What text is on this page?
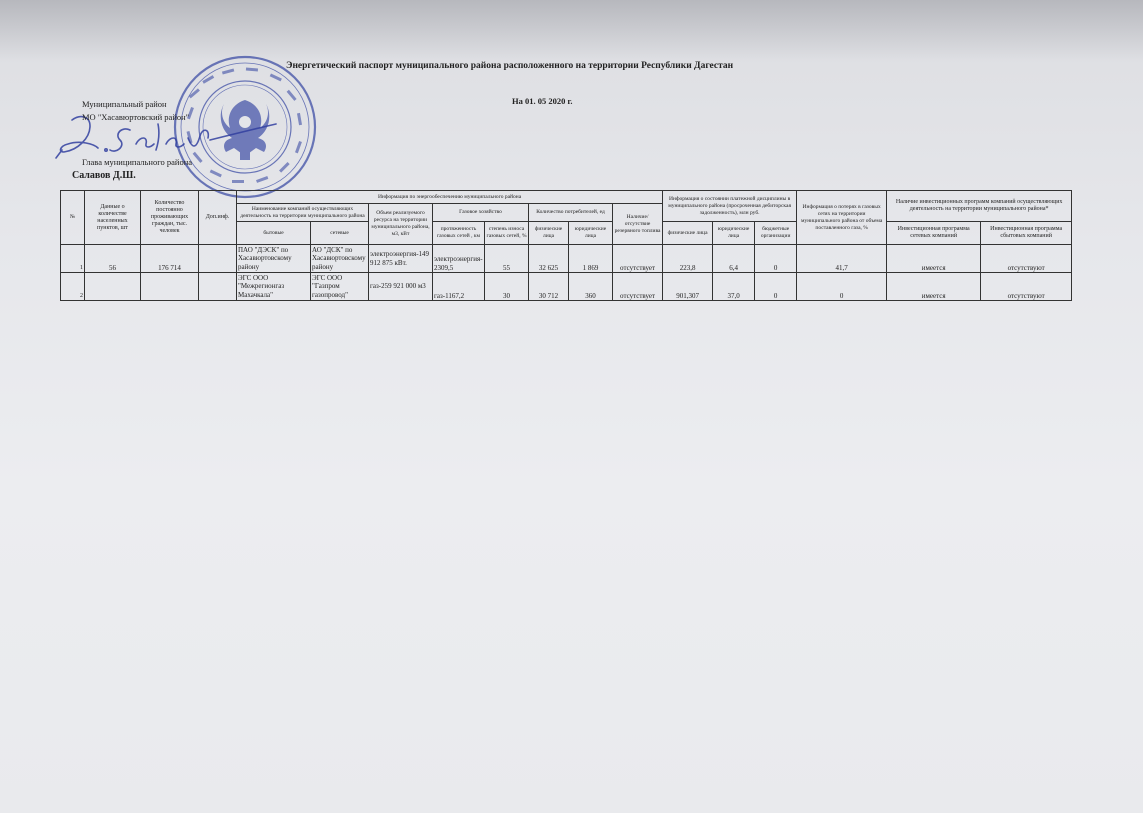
Энергетический паспорт муниципального района расположенного на территории Республики Дагестан
На 01. 05 2020 г.
Муниципальный район
МО "Хасавюртовский район"
Глава муниципального района
Салавов Д.Ш.
№	Данные о количестве населенных пунктов, шт	Количество постоянно проживающих граждан, тыс. человек	Доп.инф.	Информация по энергообеспечению муниципального района								Информация о состоянии платежной дисциплины в муниципального района (просроченная дебиторская задолженность), млн руб.			Информация о потерях в газовых сетях на территории муниципального района от объема поставленного газа, %	Наличие инвестиционных программ компаний осуществляющих деятельность на территории муниципального района*	
				Наименование компаний осуществляющих деятельность на территории муниципального района		Объем реализуемого ресурса на территории муниципального района, м3, кВт	Газовое хозяйство		Количество потребителей, ед		Наличие/отсутствие резервного топлива						
				бытовые	сетевые		протяженность газовых сетей , км	степень износа газовых сетей, %	физические лица	юридические лица		физические лица	юридические лица	бюджетные организации		Инвестиционная программа сетевых компаний	Инвестиционная программа сбытовых компаний
1	56	176 714		ПАО "ДЭСК" по Хасавюртовскому району	АО "ДСК" по Хасавюртовскому району	электроэнергия-149 912 875 кВт.	электроэнергия-2309,5	55	32 625	1 869	отсутствует	223,8	6,4	0	41,7	имеется	отсутствуют
2				ЭГС ООО "Межрегионгаз Махачкала"	ЭГС ООО "Газпром газопровод"	газ-259 921 000 м3	газ-1167,2	30	30 712	360	отсутствует	901,307	37,0	0	0	имеется	отсутствуют
